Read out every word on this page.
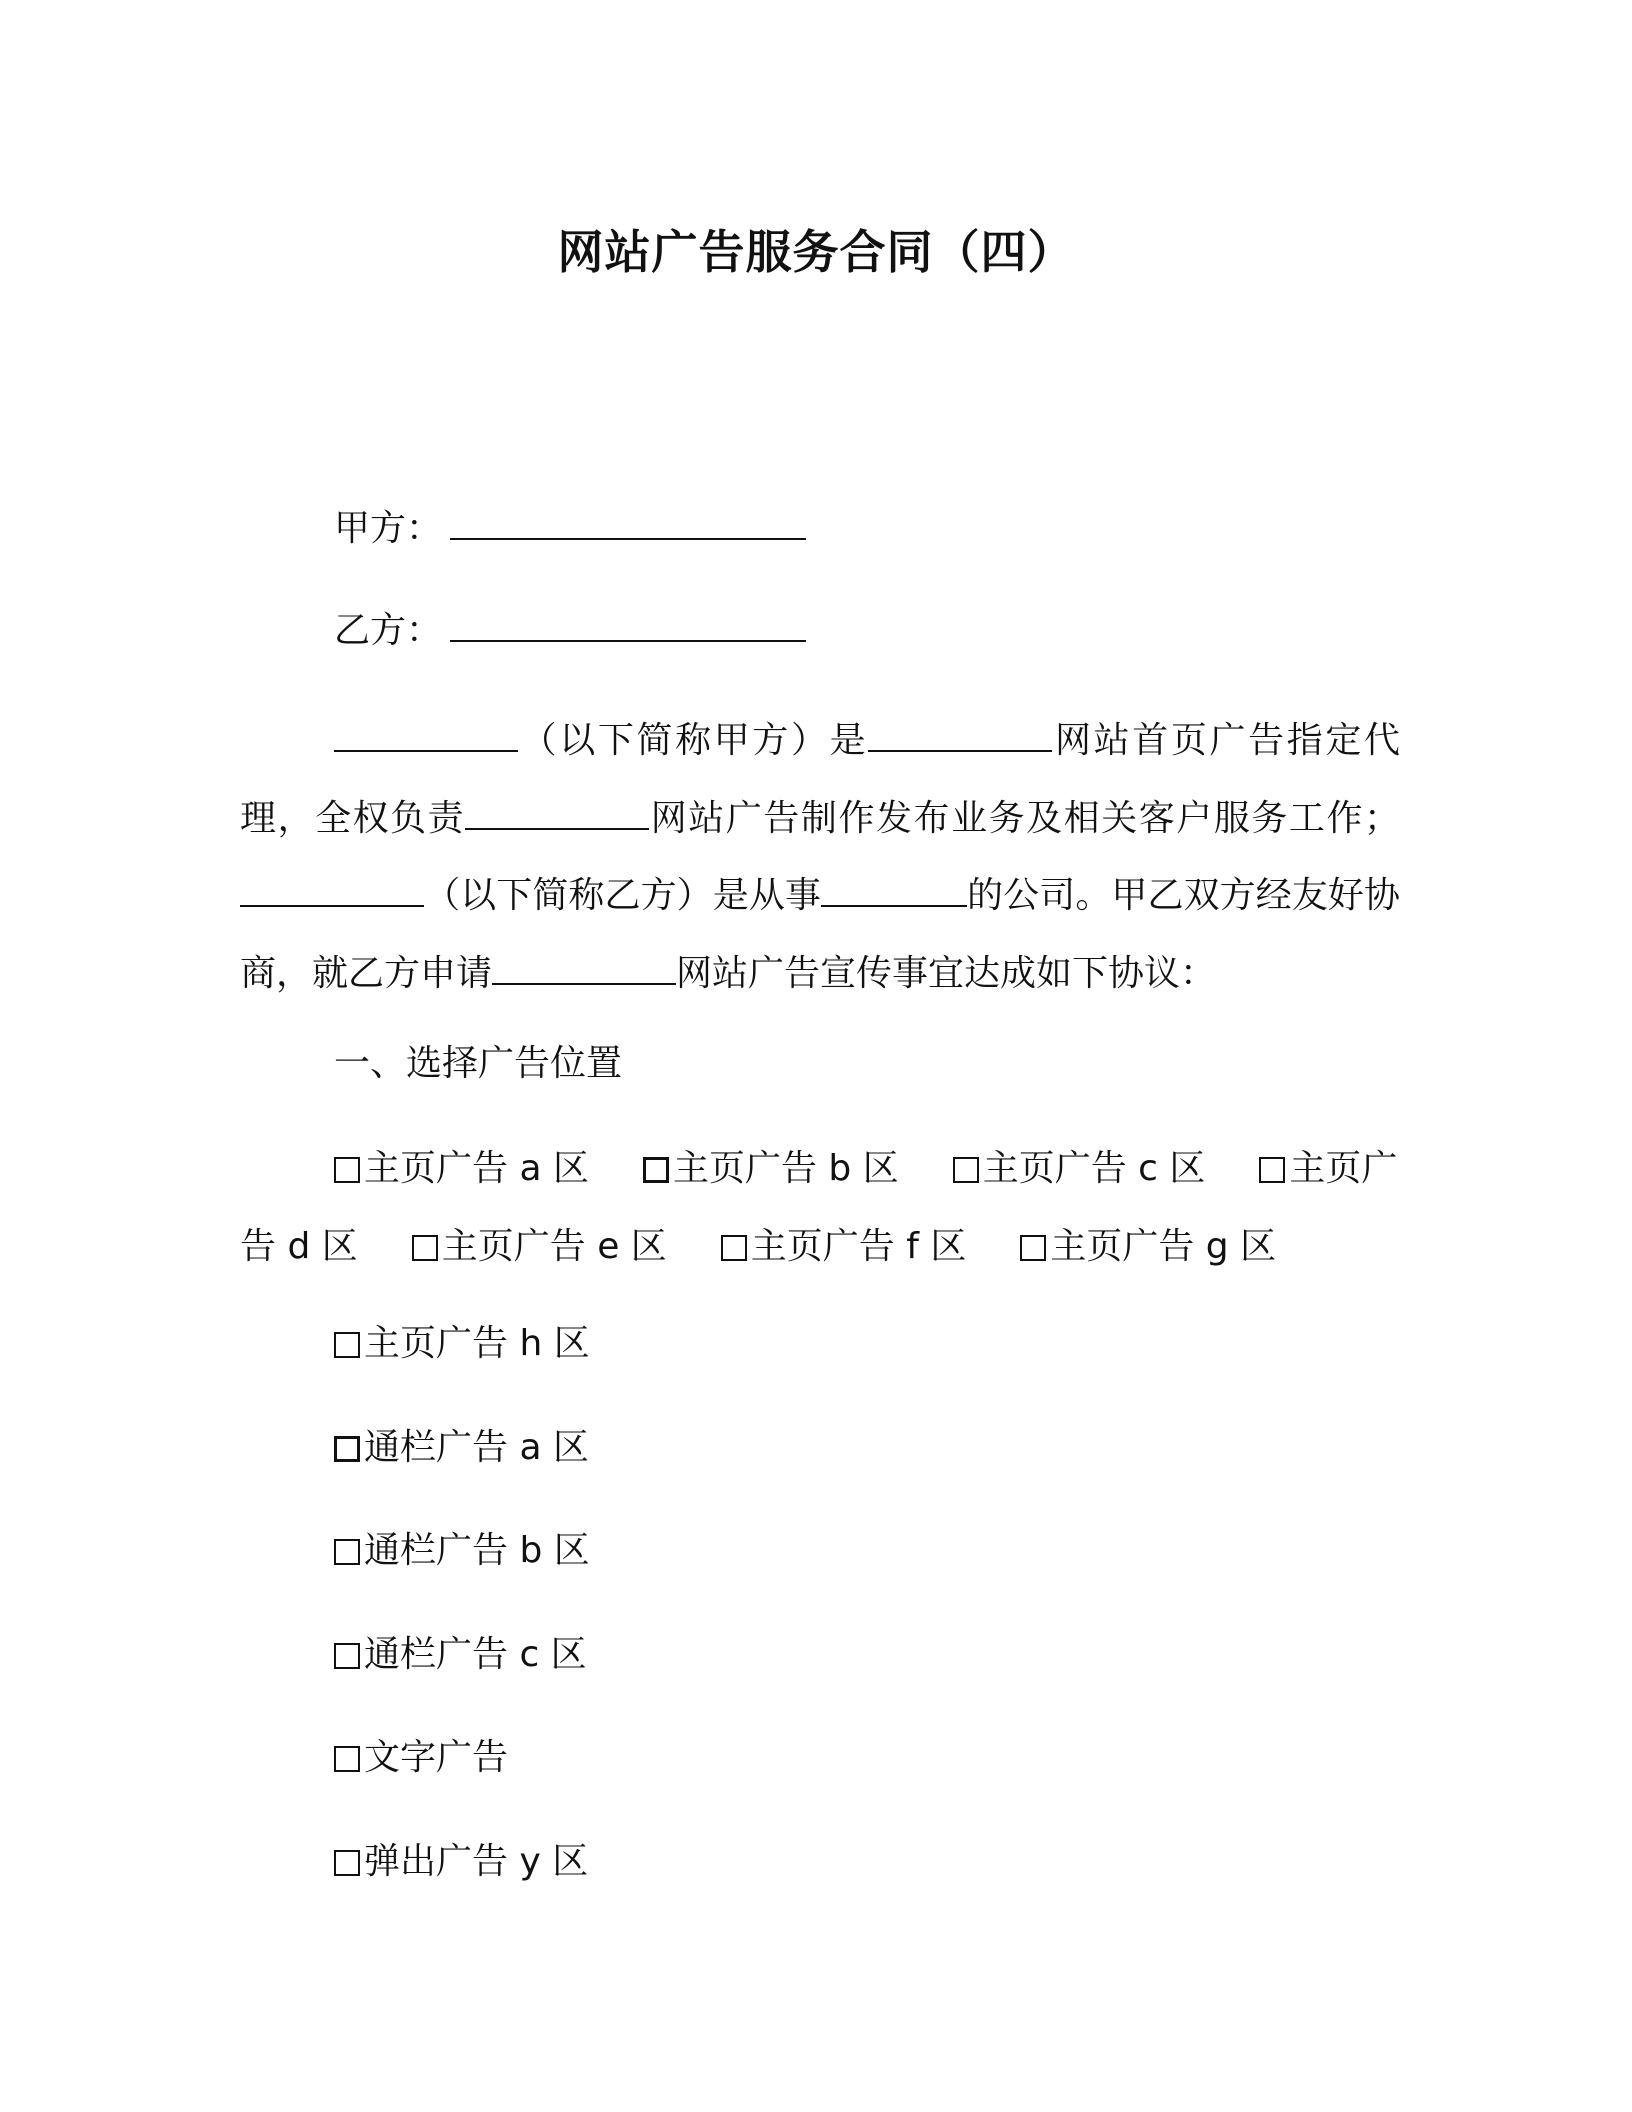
网站广告服务合同（四）
甲方：
乙方：

（以下简称甲方）是	网站首页广告指定代理，全权负责	网站广告制作发布业务及相关客户服务工作；（以下简称乙方）是从事	的公司。甲乙双方经友好协商，就乙方申请	网站广告宣传事宜达成如下协议：

一、选择广告位置

主页广告 a 区 主页广告 b 区 主页广告 c 区 主页广告 d 区 主页广告 e 区 主页广告 f 区 主页广告 g 区

主页广告 h 区
通栏广告 a 区
通栏广告 b 区
通栏广告 c 区
文字广告
弹出广告 y 区
